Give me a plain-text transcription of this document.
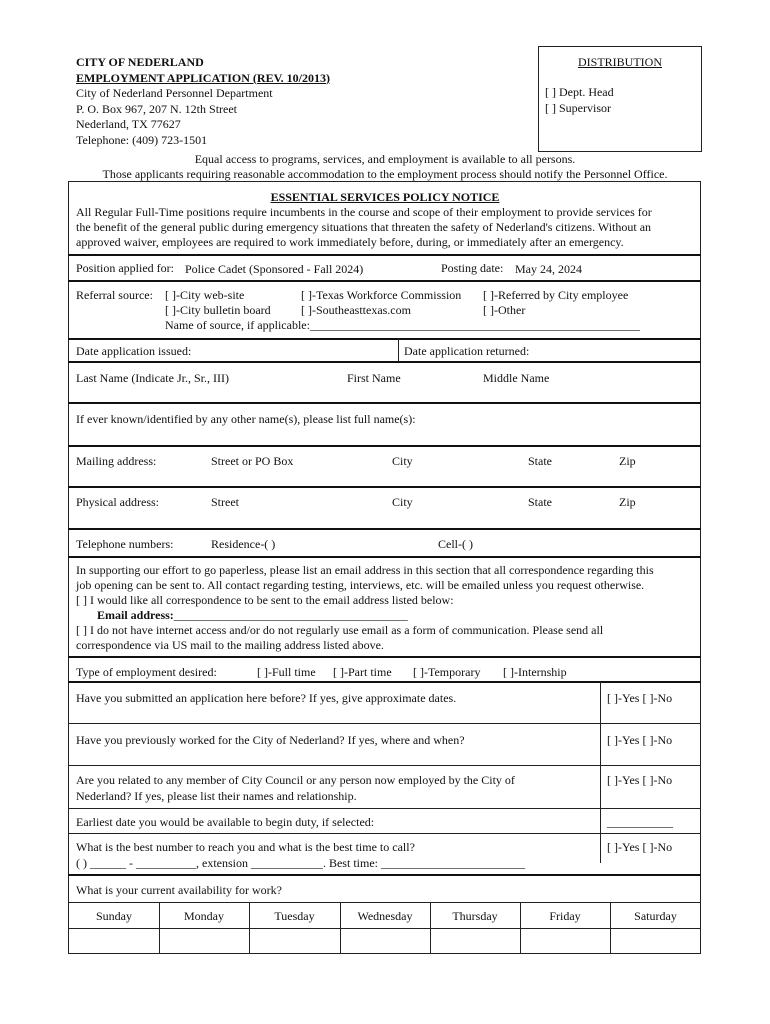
CITY OF NEDERLAND
EMPLOYMENT APPLICATION (REV. 10/2013)
City of Nederland Personnel Department
P. O. Box 967, 207 N. 12th Street
Nederland, TX 77627
Telephone: (409) 723-1501
DISTRIBUTION
[ ] Dept. Head
[ ] Supervisor
Equal access to programs, services, and employment is available to all persons.
Those applicants requiring reasonable accommodation to the employment process should notify the Personnel Office.
ESSENTIAL SERVICES POLICY NOTICE
All Regular Full-Time positions require incumbents in the course and scope of their employment to provide services for
the benefit of the general public during emergency situations that threaten the safety of Nederland's citizens. Without an
approved waiver, employees are required to work immediately before, during, or immediately after an emergency.
Position applied for: Police Cadet (Sponsored - Fall 2024)	Posting date: May 24, 2024
Referral source: [ ]-City web-site	[ ]-Texas Workforce Commission [ ]-Referred by City employee
[ ]-City bulletin board	[ ]-Southeasttexas.com	[ ]-Other
Name of source, if applicable:_______________________________________________________
Date application issued:	Date application returned:
Last Name (Indicate Jr., Sr., III)	First Name	Middle Name
If ever known/identified by any other name(s), please list full name(s):
Mailing address:	Street or PO Box	City	State	Zip
Physical address:	Street	City	State	Zip
Telephone numbers:	Residence-( )	Cell-( )
In supporting our effort to go paperless, please list an email address in this section that all correspondence regarding this
job opening can be sent to. All contact regarding testing, interviews, etc. will be emailed unless you request otherwise.
[ ] I would like all correspondence to be sent to the email address listed below:
Email address:_______________________________________
[ ] I do not have internet access and/or do not regularly use email as a form of communication. Please send all
correspondence via US mail to the mailing address listed above.
Type of employment desired:	[ ]-Full time [ ]-Part time [ ]-Temporary [ ]-Internship
Have you submitted an application here before? If yes, give approximate dates.	[ ]-Yes [ ]-No
Have you previously worked for the City of Nederland? If yes, where and when?	[ ]-Yes [ ]-No
Are you related to any member of City Council or any person now employed by the City of
Nederland? If yes, please list their names and relationship.
[ ]-Yes [ ]-No
Earliest date you would be available to begin duty, if selected:	___________
What is the best number to reach you and what is the best time to call?
( ) ______ - __________, extension ____________. Best time: ________________________
[ ]-Yes [ ]-No
What is your current availability for work?
Sunday	Monday	Tuesday	Wednesday	Thursday	Friday	Saturday
